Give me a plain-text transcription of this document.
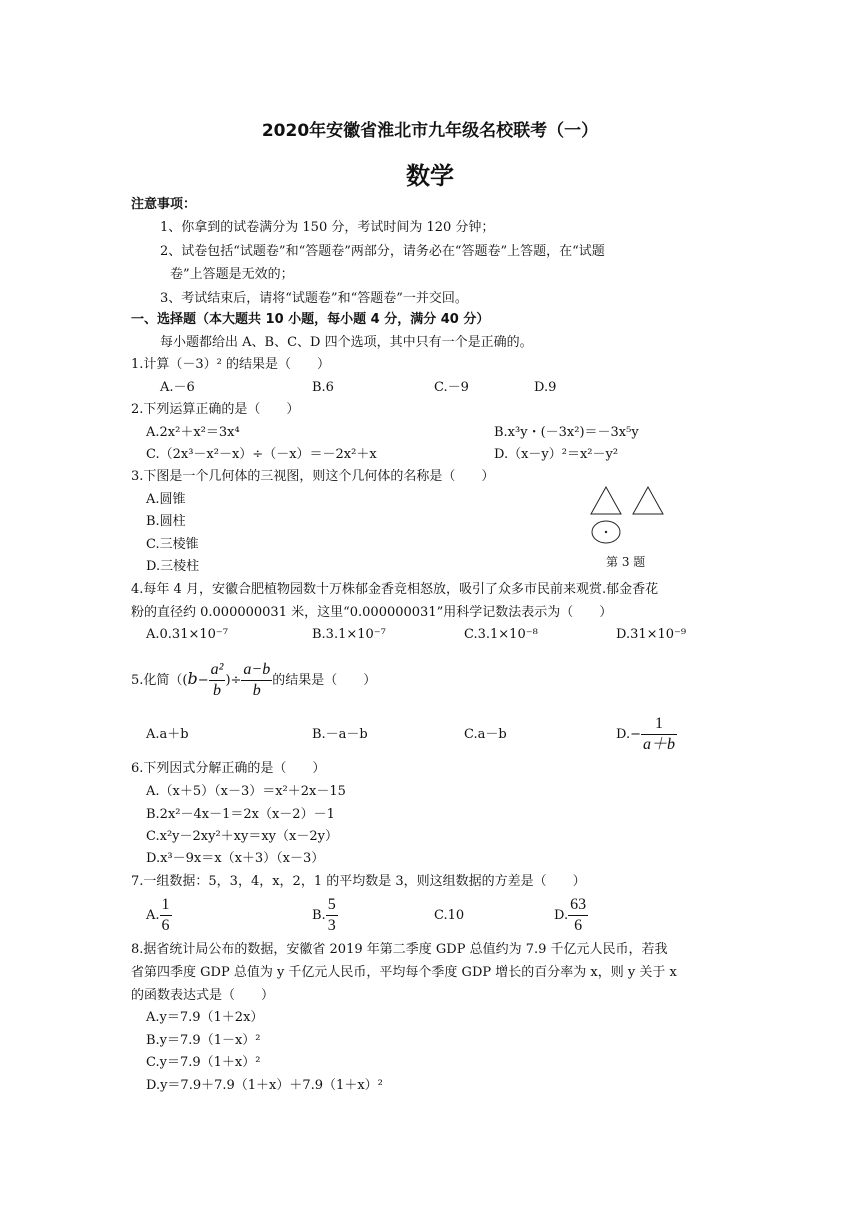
2020年安徽省淮北市九年级名校联考（一）
数学
注意事项：
1、你拿到的试卷满分为 150 分，考试时间为 120 分钟；
2、试卷包括“试题卷”和“答题卷”两部分，请务必在“答题卷”上答题，在“试题
卷”上答题是无效的；
3、考试结束后，请将“试题卷”和“答题卷”一并交回。
一、选择题（本大题共 10 小题，每小题 4 分，满分 40 分）
每小题都给出 A、B、C、D 四个选项，其中只有一个是正确的。
1.计算（－3）² 的结果是（　　）
A.－6	B.6	C.－9	D.9
2.下列运算正确的是（　　）
A.2x²＋x²＝3x⁴	B.x³y・(－3x²)＝－3x⁵y
C.（2x³－x²－x）÷（－x）＝－2x²＋x	D.（x－y）²＝x²－y²
3.下图是一个几何体的三视图，则这个几何体的名称是（　　）
A.圆锥
B.圆柱
C.三棱锥
D.三棱柱	第 3 题
4.每年 4 月，安徽合肥植物园数十万株郁金香竞相怒放，吸引了众多市民前来观赏.郁金香花
粉的直径约 0.000000031 米，这里“0.000000031”用科学记数法表示为（　　）
A.0.31×10⁻⁷	B.3.1×10⁻⁷	C.3.1×10⁻⁸	D.31×10⁻⁹
5.化简（($b- \frac{\text{a²}}{b}$ )÷ $\frac{a-b}{b}$ 的结果是（　　）
A.a＋b	B.－a－b	C.a－b	$D.- \frac{1}{a+b}$
6.下列因式分解正确的是（　　）
A.（x＋5）（x－3）＝x²＋2x－15
B.2x²－4x－1＝2x（x－2）－1
C.x²y－2xy²＋xy＝xy（x－2y）
D.x³－9x＝x（x＋3）（x－3）
7.一组数据：5，3，4，x，2，1 的平均数是 3，则这组数据的方差是（　　）
A. $\frac{1}{6}$	B. $\frac{5}{3}$	C.10	D. $\frac{63}{6}$
8.据省统计局公布的数据，安徽省 2019 年第二季度 GDP 总值约为 7.9 千亿元人民币，若我
省第四季度 GDP 总值为 y 千亿元人民币，平均每个季度 GDP 增长的百分率为 x，则 y 关于 x
的函数表达式是（　　）
A.y＝7.9（1＋2x）
B.y＝7.9（1－x）²
C.y＝7.9（1＋x）²
D.y＝7.9＋7.9（1＋x）＋7.9（1＋x）²
